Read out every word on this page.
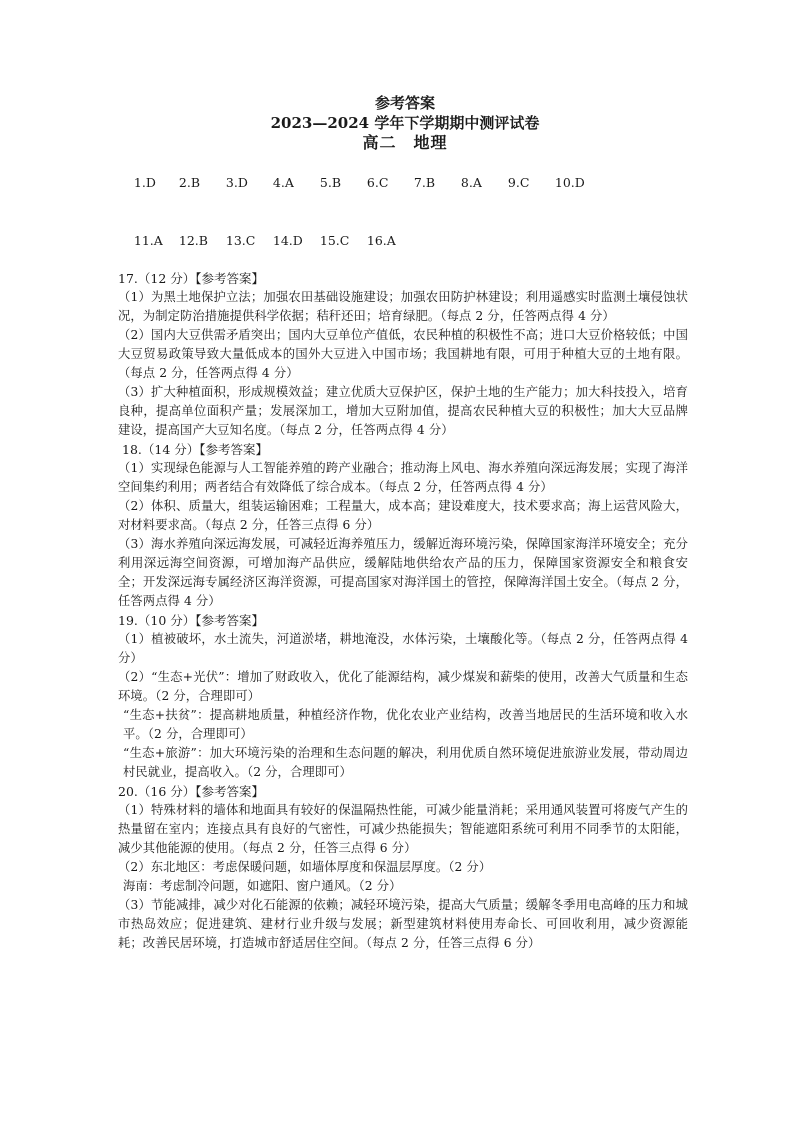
参考答案
2023—2024 学年下学期期中测评试卷
高二　地理

1.D 2.B 3.D 4.A 5.B 6.C 7.B 8.A 9.C 10.D

11.A 12.B 13.C 14.D 15.C 16.A

17.（12 分）【参考答案】
（1）为黑土地保护立法；加强农田基础设施建设；加强农田防护林建设；利用遥感实时监测土壤侵蚀状况，为制定防治措施提供科学依据；秸秆还田；培育绿肥。（每点 2 分，任答两点得 4 分）
（2）国内大豆供需矛盾突出；国内大豆单位产值低，农民种植的积极性不高；进口大豆价格较低；中国大豆贸易政策导致大量低成本的国外大豆进入中国市场；我国耕地有限，可用于种植大豆的土地有限。（每点 2 分，任答两点得 4 分）
（3）扩大种植面积，形成规模效益；建立优质大豆保护区，保护土地的生产能力；加大科技投入，培育良种，提高单位面积产量；发展深加工，增加大豆附加值，提高农民种植大豆的积极性；加大大豆品牌建设，提高国产大豆知名度。（每点 2 分，任答两点得 4 分）
18.（14 分）【参考答案】
（1）实现绿色能源与人工智能养殖的跨产业融合；推动海上风电、海水养殖向深远海发展；实现了海洋空间集约利用；两者结合有效降低了综合成本。（每点 2 分，任答两点得 4 分）
（2）体积、质量大，组装运输困难；工程量大，成本高；建设难度大，技术要求高；海上运营风险大，对材料要求高。（每点 2 分，任答三点得 6 分）
（3）海水养殖向深远海发展，可减轻近海养殖压力，缓解近海环境污染，保障国家海洋环境安全；充分利用深远海空间资源，可增加海产品供应，缓解陆地供给农产品的压力，保障国家资源安全和粮食安全；开发深远海专属经济区海洋资源，可提高国家对海洋国土的管控，保障海洋国土安全。（每点 2 分，任答两点得 4 分）
19.（10 分）【参考答案】
（1）植被破坏，水土流失，河道淤堵，耕地淹没，水体污染，土壤酸化等。（每点 2 分，任答两点得 4 分）
（2）“生态+光伏”：增加了财政收入，优化了能源结构，减少煤炭和薪柴的使用，改善大气质量和生态环境。（2 分，合理即可）
“生态+扶贫”：提高耕地质量，种植经济作物，优化农业产业结构，改善当地居民的生活环境和收入水平。（2 分，合理即可）
“生态+旅游”：加大环境污染的治理和生态问题的解决，利用优质自然环境促进旅游业发展，带动周边村民就业，提高收入。（2 分，合理即可）
20.（16 分）【参考答案】
（1）特殊材料的墙体和地面具有较好的保温隔热性能，可减少能量消耗；采用通风装置可将废气产生的热量留在室内；连接点具有良好的气密性，可减少热能损失；智能遮阳系统可利用不同季节的太阳能，减少其他能源的使用。（每点 2 分，任答三点得 6 分）
（2）东北地区：考虑保暖问题，如墙体厚度和保温层厚度。（2 分）
海南：考虑制冷问题，如遮阳、窗户通风。（2 分）
（3）节能减排，减少对化石能源的依赖；减轻环境污染，提高大气质量；缓解冬季用电高峰的压力和城市热岛效应；促进建筑、建材行业升级与发展；新型建筑材料使用寿命长、可回收利用，减少资源能耗；改善民居环境，打造城市舒适居住空间。（每点 2 分，任答三点得 6 分）
